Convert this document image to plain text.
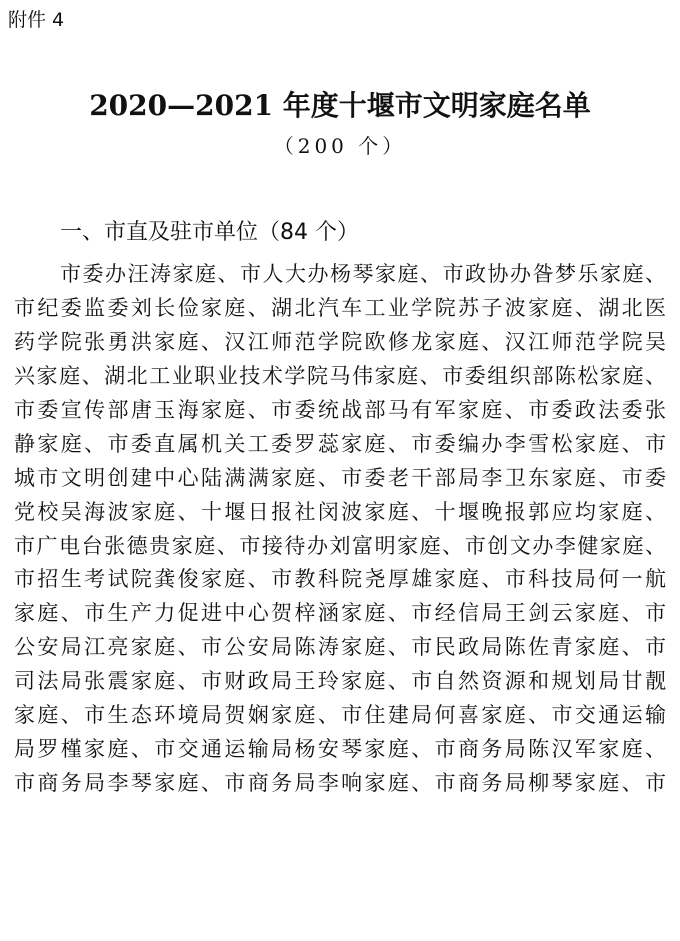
附件 4
2020—2021 年度十堰市文明家庭名单
（200 个）
一、市直及驻市单位（84 个）
市委办汪涛家庭、市人大办杨琴家庭、市政协办昝梦乐家庭、
市纪委监委刘长俭家庭、湖北汽车工业学院苏子波家庭、湖北医
药学院张勇洪家庭、汉江师范学院欧修龙家庭、汉江师范学院吴
兴家庭、湖北工业职业技术学院马伟家庭、市委组织部陈松家庭、
市委宣传部唐玉海家庭、市委统战部马有军家庭、市委政法委张
静家庭、市委直属机关工委罗蕊家庭、市委编办李雪松家庭、市
城市文明创建中心陆满满家庭、市委老干部局李卫东家庭、市委
党校吴海波家庭、十堰日报社闵波家庭、十堰晚报郭应均家庭、
市广电台张德贵家庭、市接待办刘富明家庭、市创文办李健家庭、
市招生考试院龚俊家庭、市教科院尧厚雄家庭、市科技局何一航
家庭、市生产力促进中心贺梓涵家庭、市经信局王剑云家庭、市
公安局江亮家庭、市公安局陈涛家庭、市民政局陈佐青家庭、市
司法局张震家庭、市财政局王玲家庭、市自然资源和规划局甘靓
家庭、市生态环境局贺娴家庭、市住建局何喜家庭、市交通运输
局罗槿家庭、市交通运输局杨安琴家庭、市商务局陈汉军家庭、
市商务局李琴家庭、市商务局李响家庭、市商务局柳琴家庭、市
